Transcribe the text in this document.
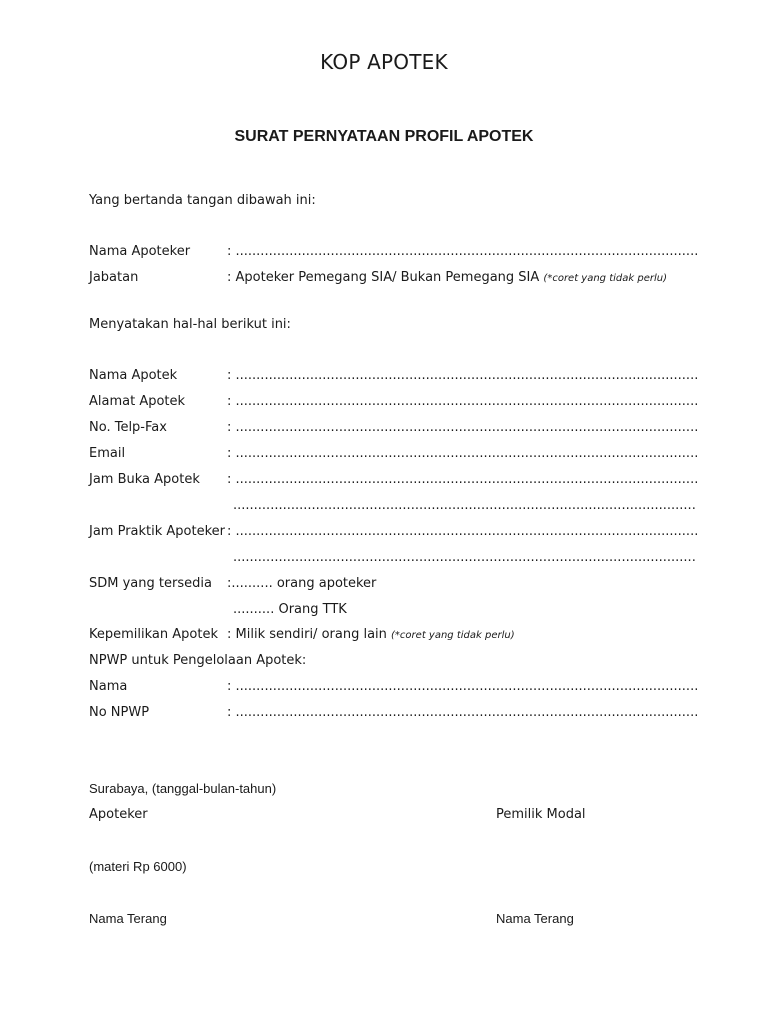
KOP APOTEK
SURAT PERNYATAAN PROFIL APOTEK
Yang bertanda tangan dibawah ini:
Nama Apoteker	: ................................................................................................................
Jabatan	: Apoteker Pemegang SIA/ Bukan Pemegang SIA (*coret yang tidak perlu)
Menyatakan hal-hal berikut ini:
Nama Apotek	: ................................................................................................................
Alamat Apotek	: ................................................................................................................
No. Telp-Fax	: ................................................................................................................
Email	: ................................................................................................................
Jam Buka Apotek : ................................................................................................................
................................................................................................................
Jam Praktik Apoteker : ................................................................................................................
................................................................................................................
SDM yang tersedia :.......... orang apoteker
.......... Orang TTK
Kepemilikan Apotek : Milik sendiri/ orang lain (*coret yang tidak perlu)
NPWP untuk Pengelolaan Apotek:
Nama	: ................................................................................................................
No NPWP	: ................................................................................................................
Surabaya, (tanggal-bulan-tahun)
Apoteker	Pemilik Modal
(materi Rp 6000)
Nama Terang	Nama Terang
